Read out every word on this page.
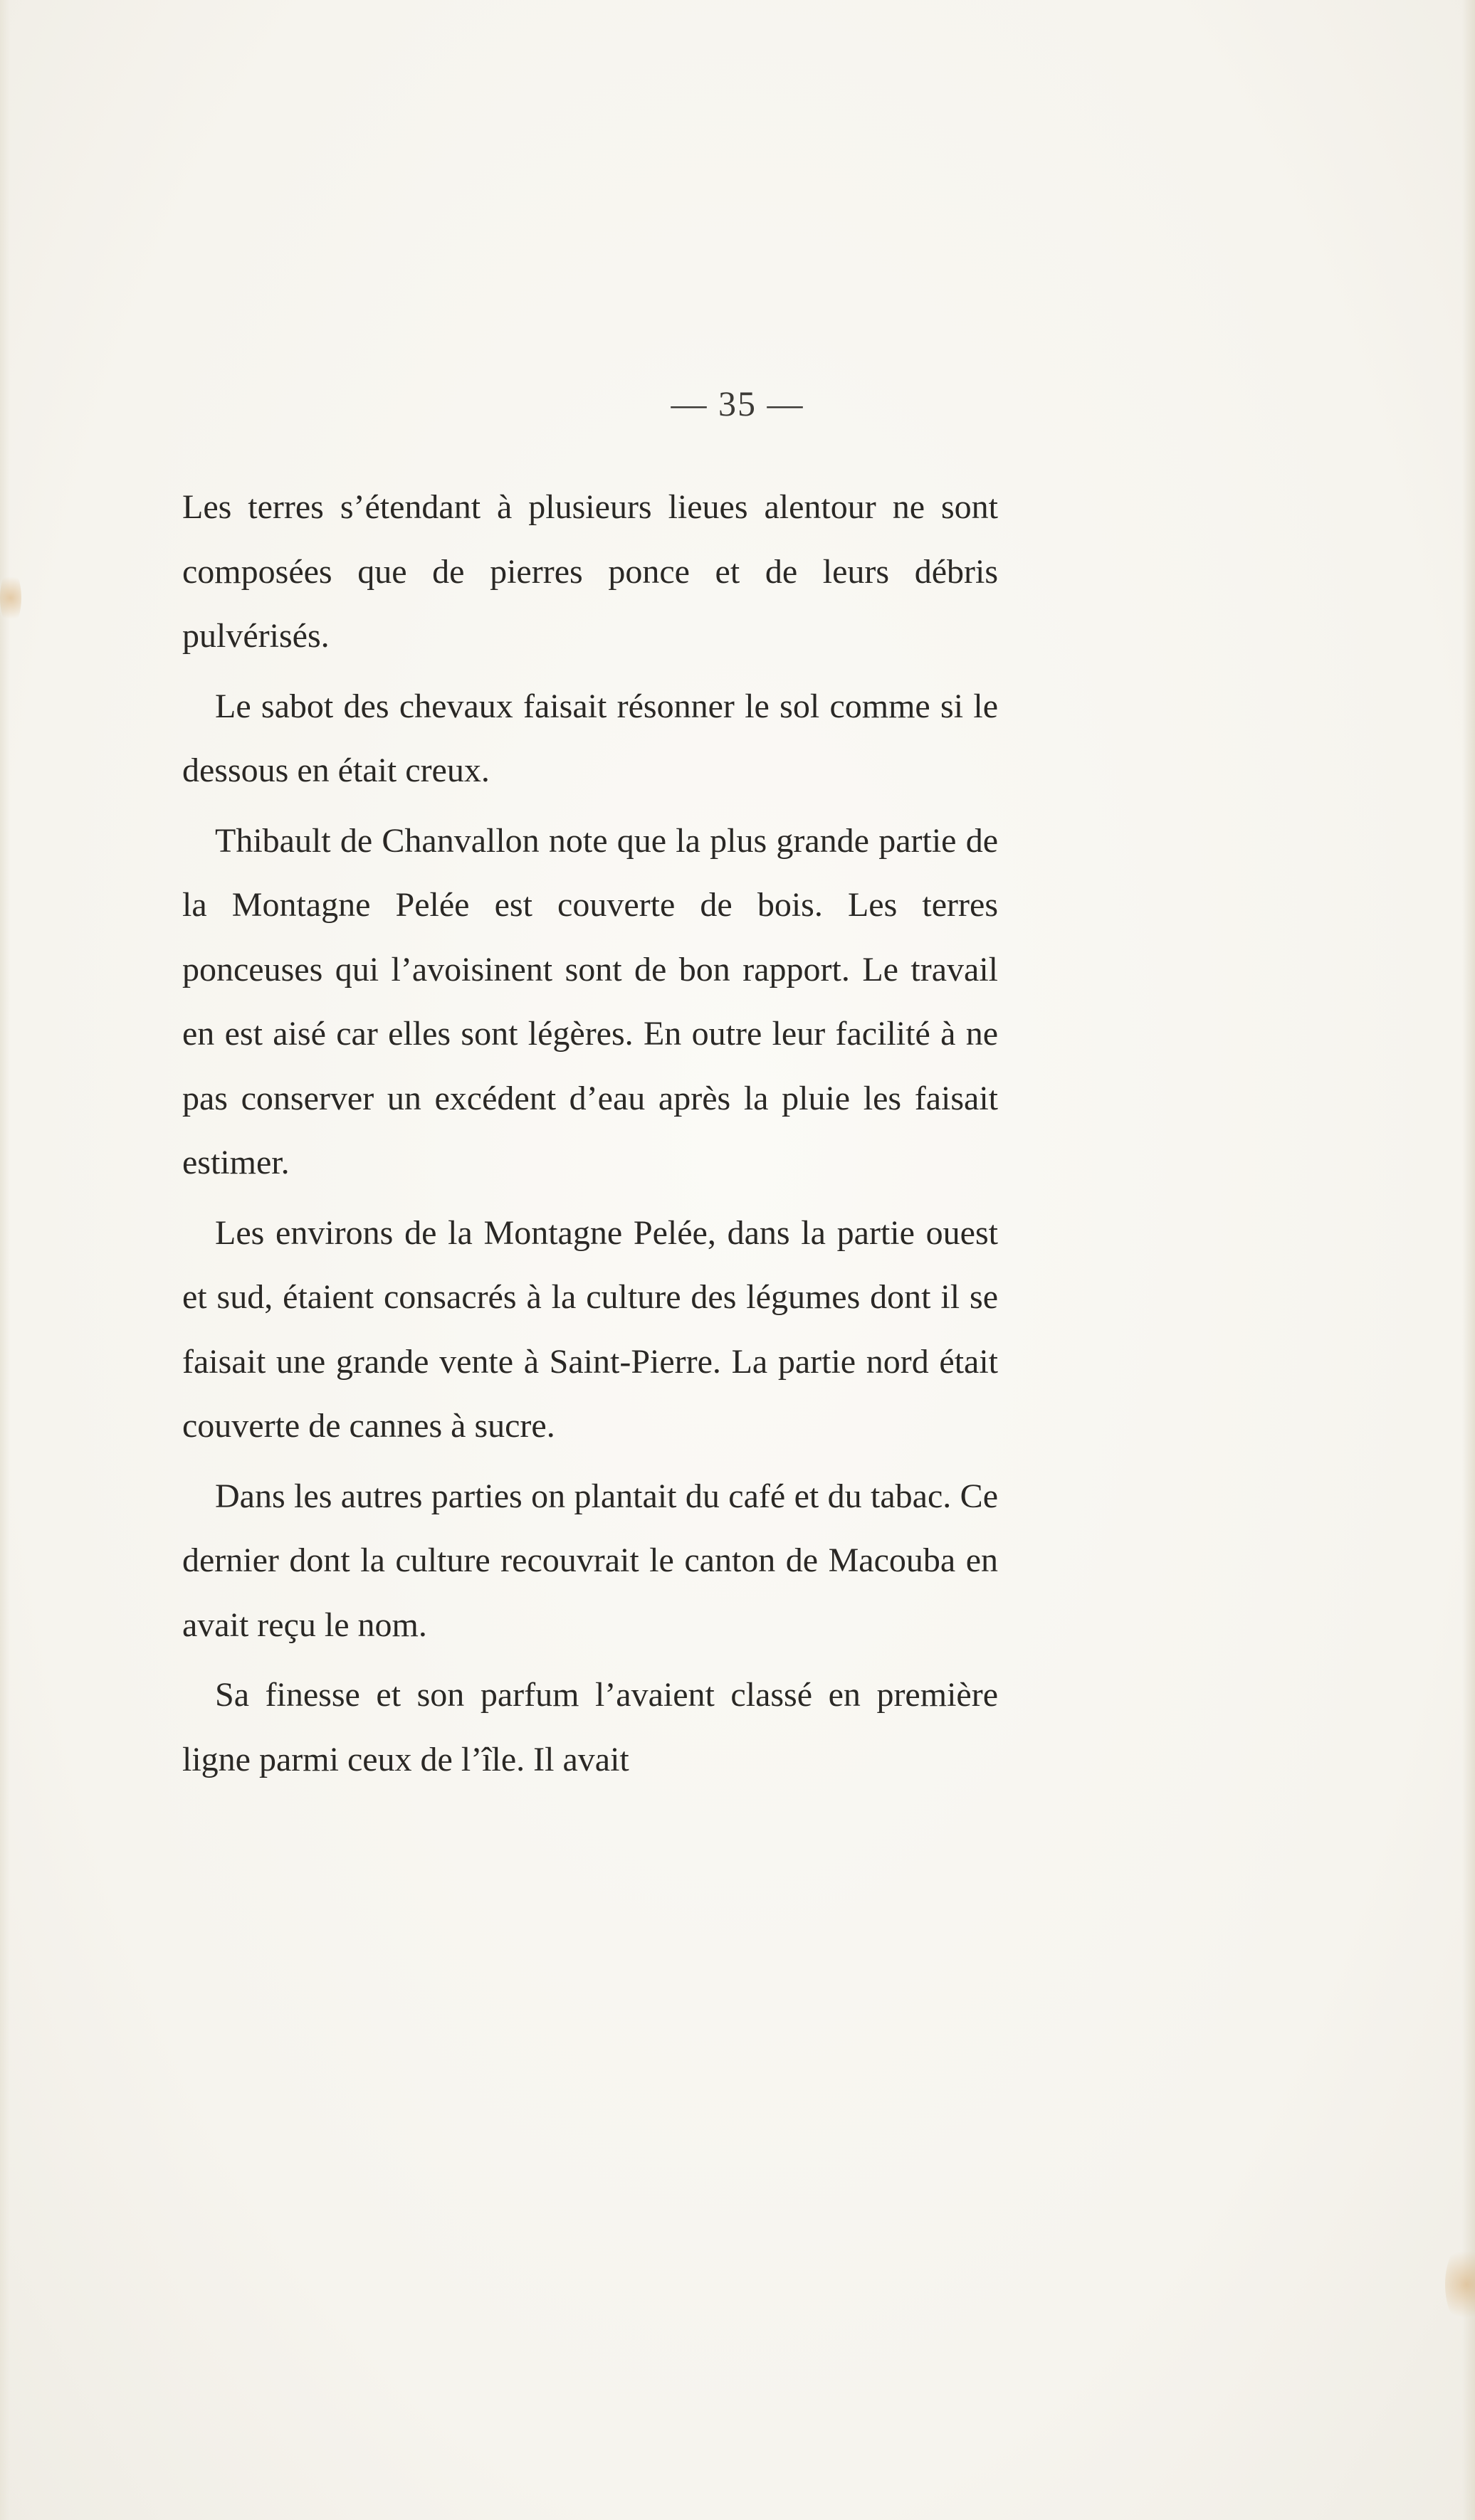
— 35 —

Les terres s’étendant à plusieurs lieues alentour ne sont composées que de pierres ponce et de leurs débris pulvérisés.

Le sabot des chevaux faisait résonner le sol comme si le dessous en était creux.

Thibault de Chanvallon note que la plus grande partie de la Montagne Pelée est couverte de bois. Les terres ponceuses qui l’avoisinent sont de bon rapport. Le travail en est aisé car elles sont légères. En outre leur facilité à ne pas conserver un excédent d’eau après la pluie les faisait estimer.

Les environs de la Montagne Pelée, dans la partie ouest et sud, étaient consacrés à la culture des légumes dont il se faisait une grande vente à Saint-Pierre. La partie nord était couverte de cannes à sucre.

Dans les autres parties on plantait du café et du tabac. Ce dernier dont la culture recouvrait le canton de Macouba en avait reçu le nom.

Sa finesse et son parfum l’avaient classé en première ligne parmi ceux de l’île. Il avait
